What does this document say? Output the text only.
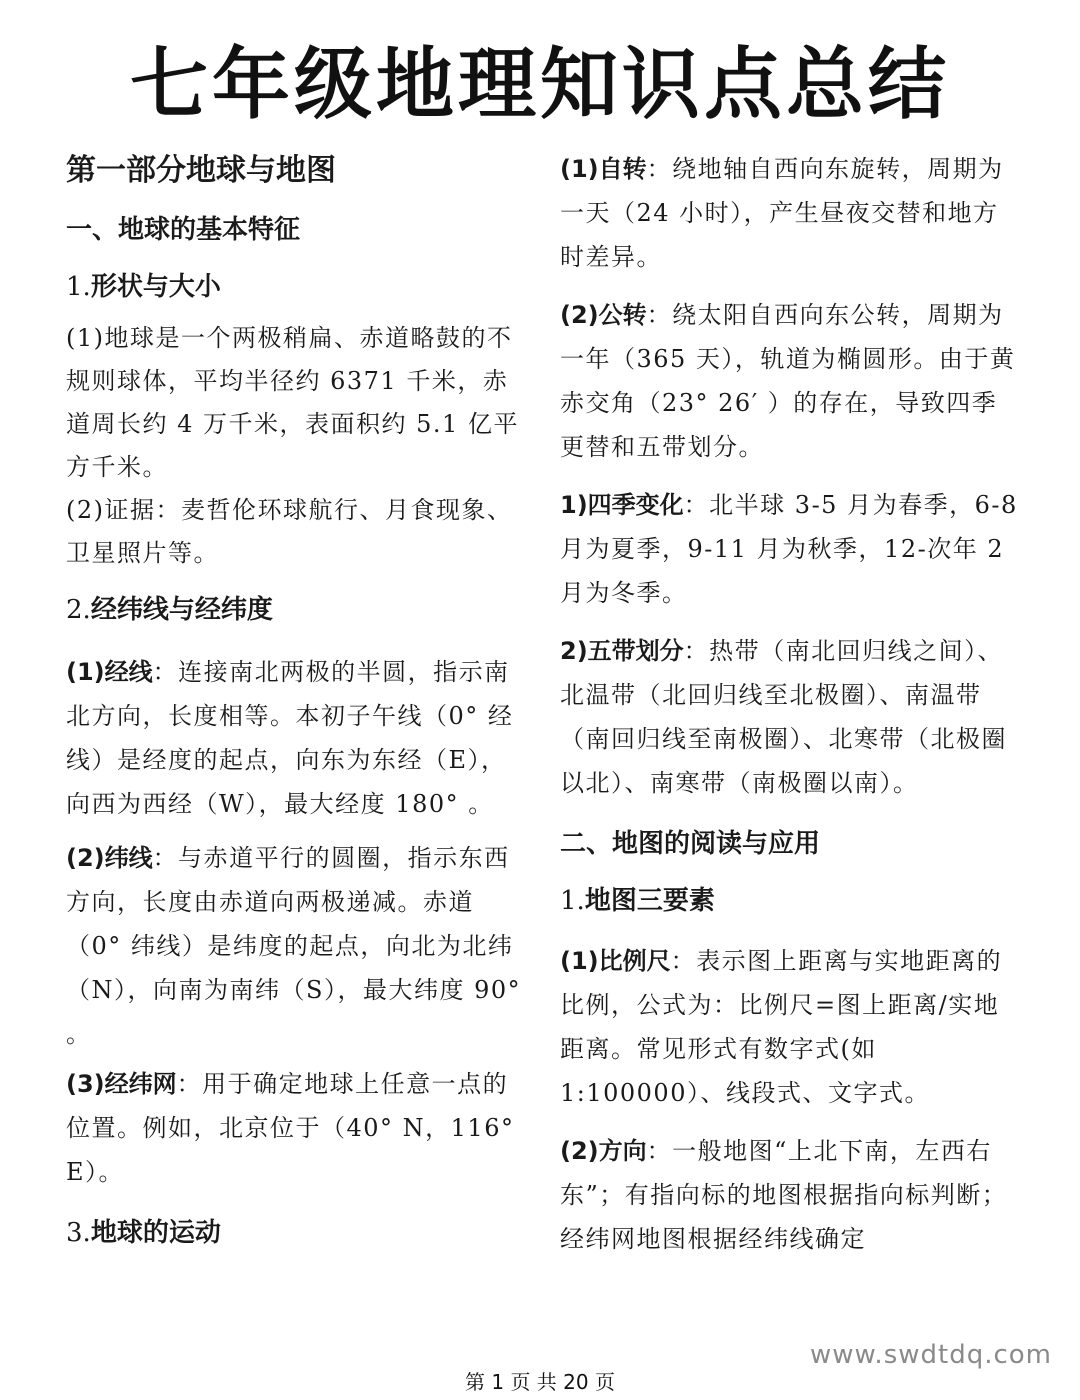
七年级地理知识点总结
第一部分地球与地图
一、地球的基本特征
1.形状与大小
(1)地球是一个两极稍扁、赤道略鼓的不规则球体，平均半径约 6371 千米，赤道周长约 4 万千米，表面积约 5.1 亿平方千米。
(2)证据：麦哲伦环球航行、月食现象、卫星照片等。
2.经纬线与经纬度
(1)经线：连接南北两极的半圆，指示南北方向，长度相等。本初子午线（0° 经线）是经度的起点，向东为东经（E），向西为西经（W），最大经度 180° 。
(2)纬线：与赤道平行的圆圈，指示东西方向，长度由赤道向两极递减。赤道（0° 纬线）是纬度的起点，向北为北纬（N），向南为南纬（S），最大纬度 90° 。
(3)经纬网：用于确定地球上任意一点的位置。例如，北京位于（40° N，116° E）。
3.地球的运动
(1)自转：绕地轴自西向东旋转，周期为一天（24 小时），产生昼夜交替和地方时差异。
(2)公转：绕太阳自西向东公转，周期为一年（365 天），轨道为椭圆形。由于黄赤交角（23° 26′ ）的存在，导致四季更替和五带划分。
1)四季变化：北半球 3-5 月为春季，6-8 月为夏季，9-11 月为秋季，12-次年 2 月为冬季。
2)五带划分：热带（南北回归线之间）、北温带（北回归线至北极圈）、南温带（南回归线至南极圈）、北寒带（北极圈以北）、南寒带（南极圈以南）。
二、地图的阅读与应用
1.地图三要素
(1)比例尺：表示图上距离与实地距离的比例，公式为：比例尺=图上距离/实地距离。常见形式有数字式(如 1:100000）、线段式、文字式。
(2)方向：一般地图“上北下南，左西右东”；有指向标的地图根据指向标判断；经纬网地图根据经纬线确定
www.swdtdq.com
第 1 页 共 20 页
